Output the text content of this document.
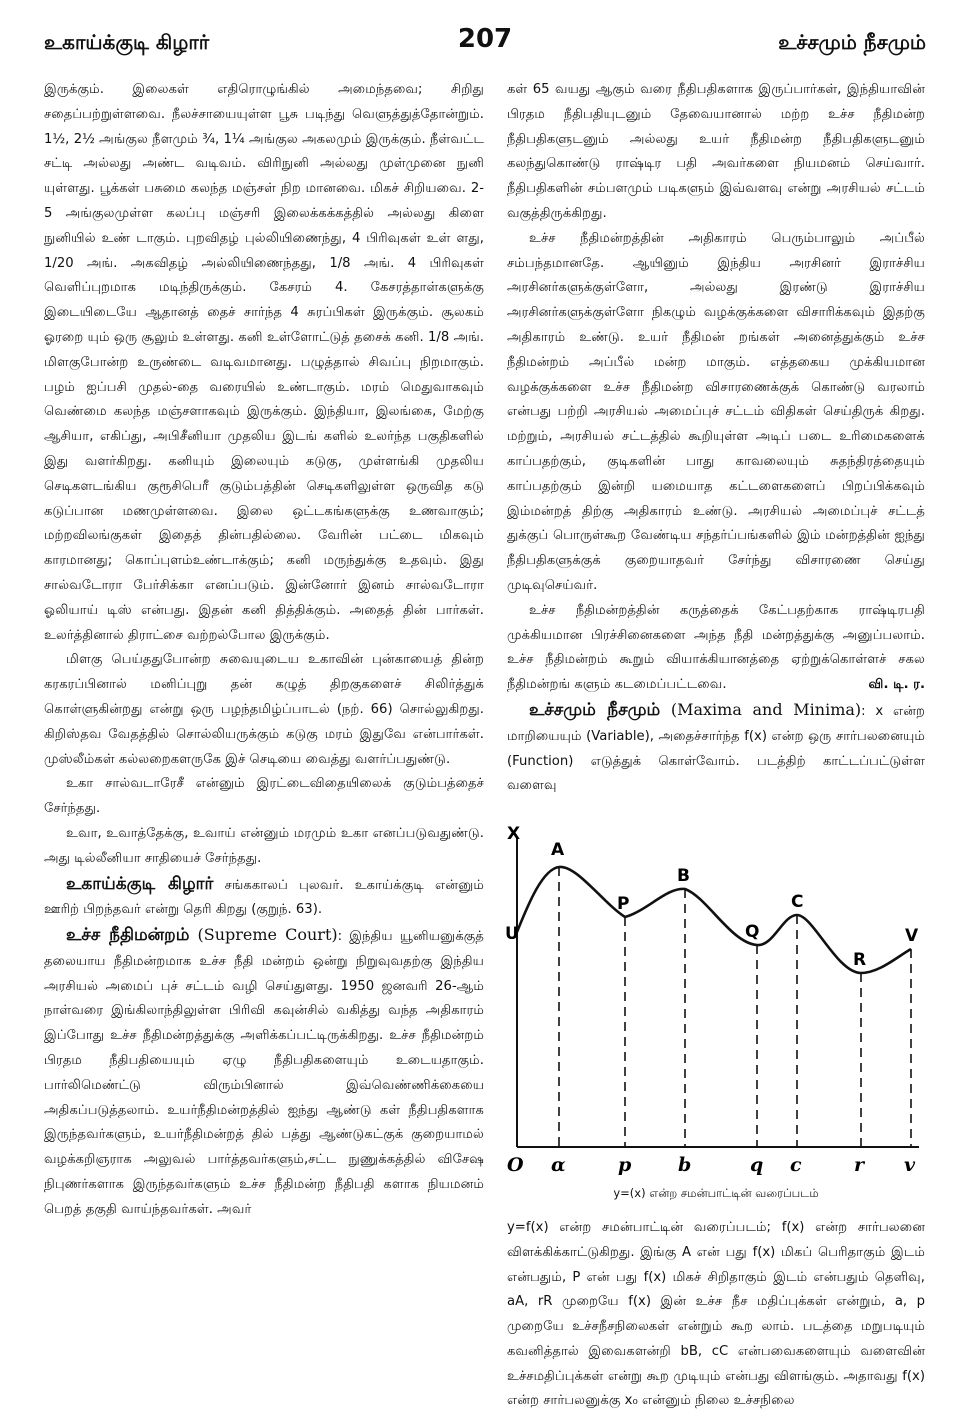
உகாய்க்குடி கிழார்	207	உச்சமும் நீசமும்

இருக்கும். இலைகள் எதிரொழுங்கில் அமைந்தவை; சிறிது சதைப்பற்றுள்ளவை. நீலச்சாயையுள்ள பூசு படிந்து வெளுத்துத்தோன்றும். 1½, 2½ அங்குல நீளமும் ¾, 1¼ அங்குல அகலமும் இருக்கும். நீள்வட்ட சட்டி அல்லது அண்ட வடிவம். விரிநுனி அல்லது முள்முனை நுனி யுள்ளது. பூக்கள் பசுமை கலந்த மஞ்சள் நிற மானவை. மிகச் சிறியவை. 2-5 அங்குலமுள்ள கலப்பு மஞ்சரி இலைக்கக்கத்தில் அல்லது கிளை நுனியில் உண் டாகும். புறவிதழ் புல்லியிணைந்து, 4 பிரிவுகள் உள் ளது, 1/20 அங். அகவிதழ் அல்லியிணைந்தது, 1/8 அங். 4 பிரிவுகள் வெளிப்புறமாக மடிந்திருக்கும். கேசரம் 4. கேசரத்தாள்களுக்கு இடையிடையே ஆதானத் தைச் சார்ந்த 4 சுரப்பிகள் இருக்கும். சூலகம் ஓரறை யும் ஒரு சூலும் உள்ளது. கனி உள்ளோட்டுத் தசைக் கனி. 1/8 அங். மிளகுபோன்ற உருண்டை வடிவமானது. பழுத்தால் சிவப்பு நிறமாகும். பழம் ஐப்பசி முதல்-தை வரையில் உண்டாகும். மரம் மெதுவாகவும் வெண்மை கலந்த மஞ்சளாகவும் இருக்கும். இந்தியா, இலங்கை, மேற்கு ஆசியா, எகிப்து, அபிசீனியா முதலிய இடங் களில் உலர்ந்த பகுதிகளில் இது வளர்கிறது. கனியும் இலையும் கடுகு, முள்ளங்கி முதலிய செடிகளடங்கிய குரூசிபெரீ குடும்பத்தின் செடிகளிலுள்ள ஒருவித கடு கடுப்பான மணமுள்ளவை. இலை ஒட்டகங்களுக்கு உணவாகும்; மற்றவிலங்குகள் இதைத் தின்பதில்லை. வேரின் பட்டை மிகவும் காரமானது; கொப்புளம்உண்டாக்கும்; கனி மருந்துக்கு உதவும். இது சால்வடோரா பேர்சிக்கா எனப்படும். இன்னோர் இனம் சால்வடோரா ஓலியாய் டிஸ் என்பது. இதன் கனி தித்திக்கும். அதைத் தின் பார்கள். உலர்த்தினால் திராட்சை வற்றல்போல இருக்கும்.

மிளகு பெய்ததுபோன்ற சுவையுடைய உகாவின் புன்காயைத் தின்ற கரகரப்பினால் மனிப்புறு தன் கழுத் திறகுகளைச் சிலிர்த்துக் கொள்ளுகின்றது என்று ஒரு பழந்தமிழ்ப்பாடல் (நற். 66) சொல்லுகிறது. கிறிஸ்தவ வேதத்தில் சொல்லியருக்கும் கடுகு மரம் இதுவே என்பார்கள். முஸ்லீம்கள் கல்லறைகளருகே இச் செடியை வைத்து வளர்ப்பதுண்டு.

உகா சால்வடாரேசீ என்னும் இரட்டைவிதையிலைக் குடும்பத்தைச் சேர்ந்தது.

உவா, உவாத்தேக்கு, உவாய் என்னும் மரமும் உகா எனப்படுவதுண்டு. அது டில்லீனியா சாதியைச் சேர்ந்தது.

உகாய்க்குடி கிழார் சங்ககாலப் புலவர். உகாய்க்குடி என்னும் ஊரிற் பிறந்தவர் என்று தெரி கிறது (குறுந். 63).

உச்ச நீதிமன்றம் (Supreme Court): இந்திய யூனியனுக்குத் தலையாய நீதிமன்றமாக உச்ச நீதி மன்றம் ஒன்று நிறுவுவதற்கு இந்திய அரசியல் அமைப் புச் சட்டம் வழி செய்துளது. 1950 ஜனவரி 26-ஆம் நாள்வரை இங்கிலாந்திலுள்ள பிரிவி கவுன்சில் வகித்து வந்த அதிகாரம் இப்போது உச்ச நீதிமன்றத்துக்கு அளிக்கப்பட்டிருக்கிறது. உச்ச நீதிமன்றம் பிரதம நீதிபதியையும் ஏழு நீதிபதிகளையும் உடையதாகும். பார்லிமெண்ட்டு விரும்பினால் இவ்வெண்ணிக்கையை அதிகப்படுத்தலாம். உயர்நீதிமன்றத்தில் ஐந்து ஆண்டு கள் நீதிபதிகளாக இருந்தவர்களும், உயர்நீதிமன்றத் தில் பத்து ஆண்டுகட்குக் குறையாமல் வழக்கறிஞராக அலுவல் பார்த்தவர்களும்,சட்ட நுணுக்கத்தில் விசேஷ நிபுணர்களாக இருந்தவர்களும் உச்ச நீதிமன்ற நீதிபதி களாக நியமனம் பெறத் தகுதி வாய்ந்தவர்கள். அவர்

கள் 65 வயது ஆகும் வரை நீதிபதிகளாக இருப்பார்கள், இந்தியாவின் பிரதம நீதிபதியுடனும் தேவையானால் மற்ற உச்ச நீதிமன்ற நீதிபதிகளுடனும் அல்லது உயர் நீதிமன்ற நீதிபதிகளுடனும் கலந்துகொண்டு ராஷ்டிர பதி அவர்களை நியமனம் செய்வார். நீதிபதிகளின் சம்பளமும் படிகளும் இவ்வளவு என்று அரசியல் சட்டம் வகுத்திருக்கிறது.

உச்ச நீதிமன்றத்தின் அதிகாரம் பெரும்பாலும் அப்பீல் சம்பந்தமானதே. ஆயினும் இந்திய அரசினர் இராச்சிய அரசினர்களுக்குள்ளோ, அல்லது இரண்டு இராச்சிய அரசினர்களுக்குள்ளோ நிகழும் வழக்குக்களை விசாரிக்கவும் இதற்கு அதிகாரம் உண்டு. உயர் நீதிமன் றங்கள் அனைத்துக்கும் உச்ச நீதிமன்றம் அப்பீல் மன்ற மாகும். எத்தகைய முக்கியமான வழக்குக்களை உச்ச நீதிமன்ற விசாரணைக்குக் கொண்டு வரலாம் என்பது பற்றி அரசியல் அமைப்புச் சட்டம் விதிகள் செய்திருக் கிறது. மற்றும், அரசியல் சட்டத்தில் கூறியுள்ள அடிப் படை உரிமைகளைக் காப்பதற்கும், குடிகளின் பாது காவலையும் சுதந்திரத்தையும் காப்பதற்கும் இன்றி யமையாத கட்டளைகளைப் பிறப்பிக்கவும் இம்மன்றத் திற்கு அதிகாரம் உண்டு. அரசியல் அமைப்புச் சட்டத் துக்குப் பொருள்கூற வேண்டிய சந்தர்ப்பங்களில் இம் மன்றத்தின் ஐந்து நீதிபதிகளுக்குக் குறையாதவர் சேர்ந்து விசாரணை செய்து முடிவுசெய்வர்.

உச்ச நீதிமன்றத்தின் கருத்தைக் கேட்பதற்காக ராஷ்டிரபதி முக்கியமான பிரச்சினைகளை அந்த நீதி மன்றத்துக்கு அனுப்பலாம். உச்ச நீதிமன்றம் கூறும் வியாக்கியானத்தை ஏற்றுக்கொள்ளச் சகல நீதிமன்றங் களும் கடமைப்பட்டவை.	வி. டி. ர.

உச்சமும் நீசமும் (Maxima and Minima): x என்ற மாறியையும் (Variable), அதைச்சார்ந்த f(x) என்ற ஒரு சார்பலனையும் (Function) எடுத்துக் கொள்வோம். படத்திற் காட்டப்பட்டுள்ள வளைவு

X
U
A
P
B
Q
C
R
V
O α	p b	q c	r v
y=(x) என்ற சமன்பாட்டின் வரைப்படம்

y=f(x) என்ற சமன்பாட்டின் வரைப்படம்; f(x) என்ற சார்பலனை விளக்கிக்காட்டுகிறது. இங்கு A என் பது f(x) மிகப் பெரிதாகும் இடம் என்பதும், P என் பது f(x) மிகச் சிறிதாகும் இடம் என்பதும் தெளிவு, aA, rR முறையே f(x) இன் உச்ச நீச மதிப்புக்கள் என்றும், a, p முறையே உச்சநீசநிலைகள் என்றும் கூற லாம். படத்தை மறுபடியும் கவனித்தால் இவைகளன்றி bB, cC என்பவைகளையும் வளைவின் உச்சமதிப்புக்கள் என்று கூற முடியும் என்பது விளங்கும். அதாவது f(x) என்ற சார்பலனுக்கு x₀ என்னும் நிலை உச்சநிலை
